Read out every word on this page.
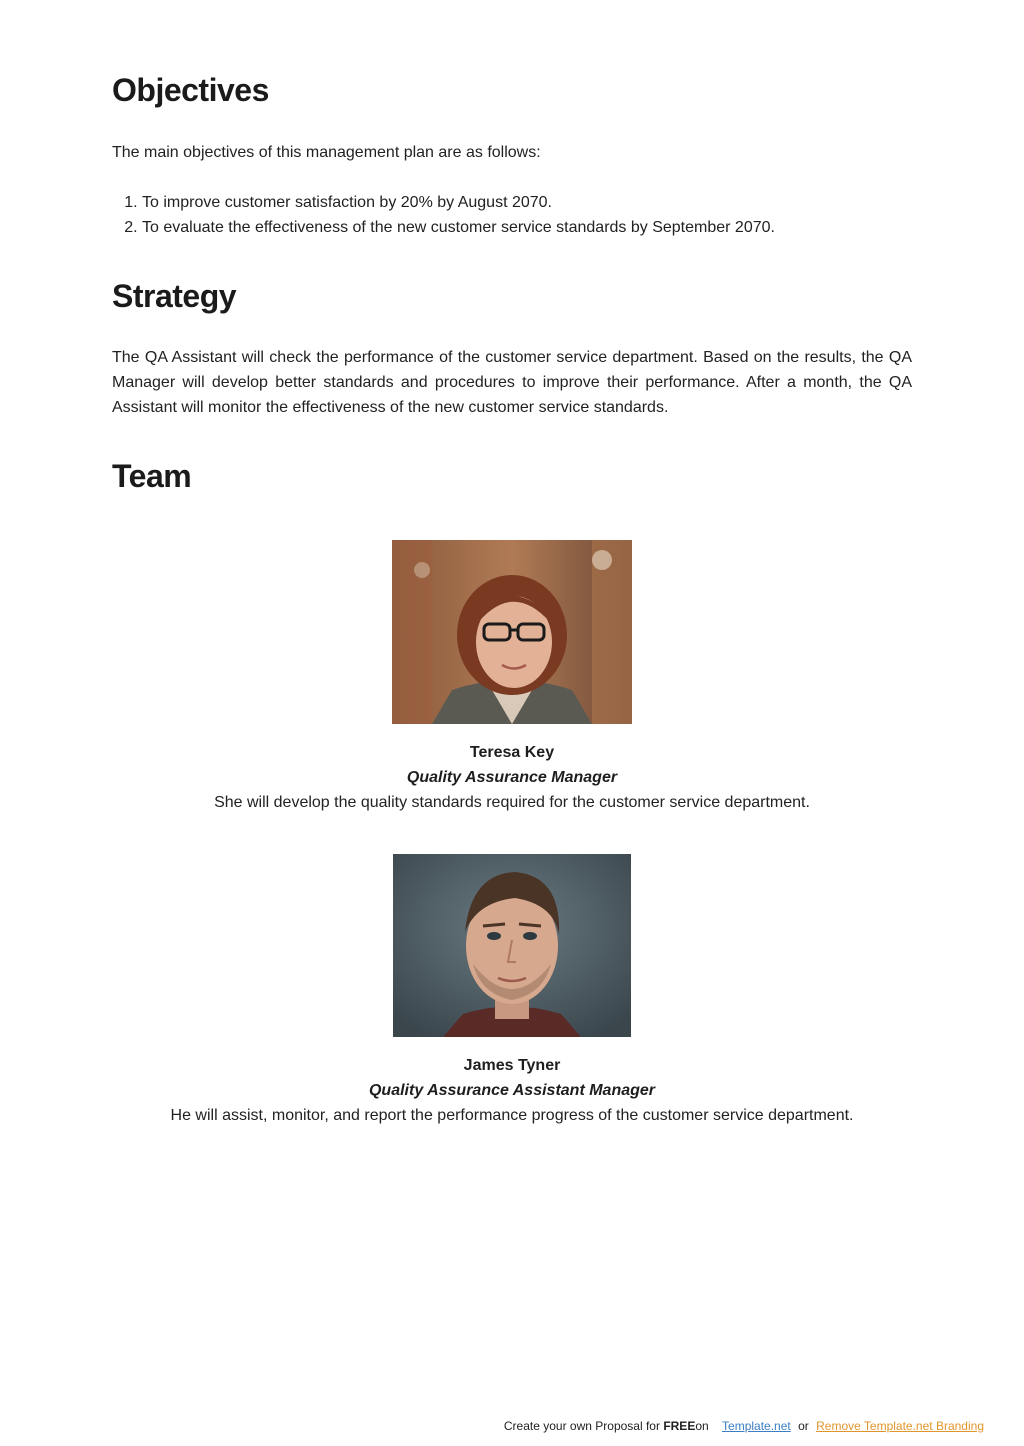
Objectives

The main objectives of this management plan are as follows:

1. To improve customer satisfaction by 20% by August 2070.
2. To evaluate the effectiveness of the new customer service standards by September 2070.
Strategy

The QA Assistant will check the performance of the customer service department. Based on the results, the QA Manager will develop better standards and procedures to improve their performance. After a month, the QA Assistant will monitor the effectiveness of the new customer service standards.

Team
Teresa Key
Quality Assurance Manager
She will develop the quality standards required for the customer service department.
James Tyner
Quality Assurance Assistant Manager
He will assist, monitor, and report the performance progress of the customer service department.
Create your own Proposal for FREEon Template.net or Remove Template.net Branding
